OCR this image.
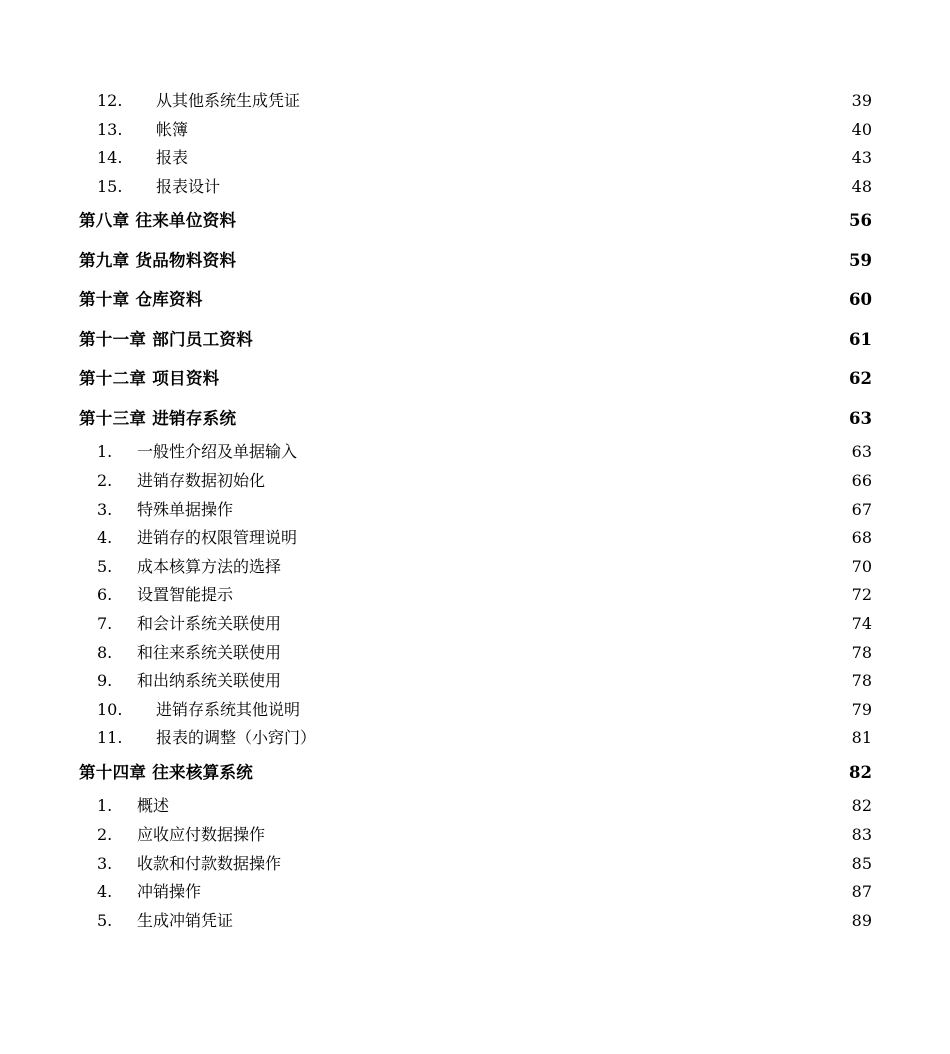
12.	从其他系统生成凭证	39
13.	帐簿	40
14.	报表	43
15.	报表设计	48
第八章 往来单位资料	56
第九章 货品物料资料	59
第十章 仓库资料	60
第十一章 部门员工资料	61
第十二章 项目资料	62
第十三章 进销存系统	63
1.	一般性介绍及单据输入	63
2.	进销存数据初始化	66
3.	特殊单据操作	67
4.	进销存的权限管理说明	68
5.	成本核算方法的选择	70
6.	设置智能提示	72
7.	和会计系统关联使用	74
8.	和往来系统关联使用	78
9.	和出纳系统关联使用	78
10.	进销存系统其他说明	79
11.	报表的调整（小窍门）	81
第十四章 往来核算系统	82
1.	概述	82
2.	应收应付数据操作	83
3.	收款和付款数据操作	85
4.	冲销操作	87
5.	生成冲销凭证	89
